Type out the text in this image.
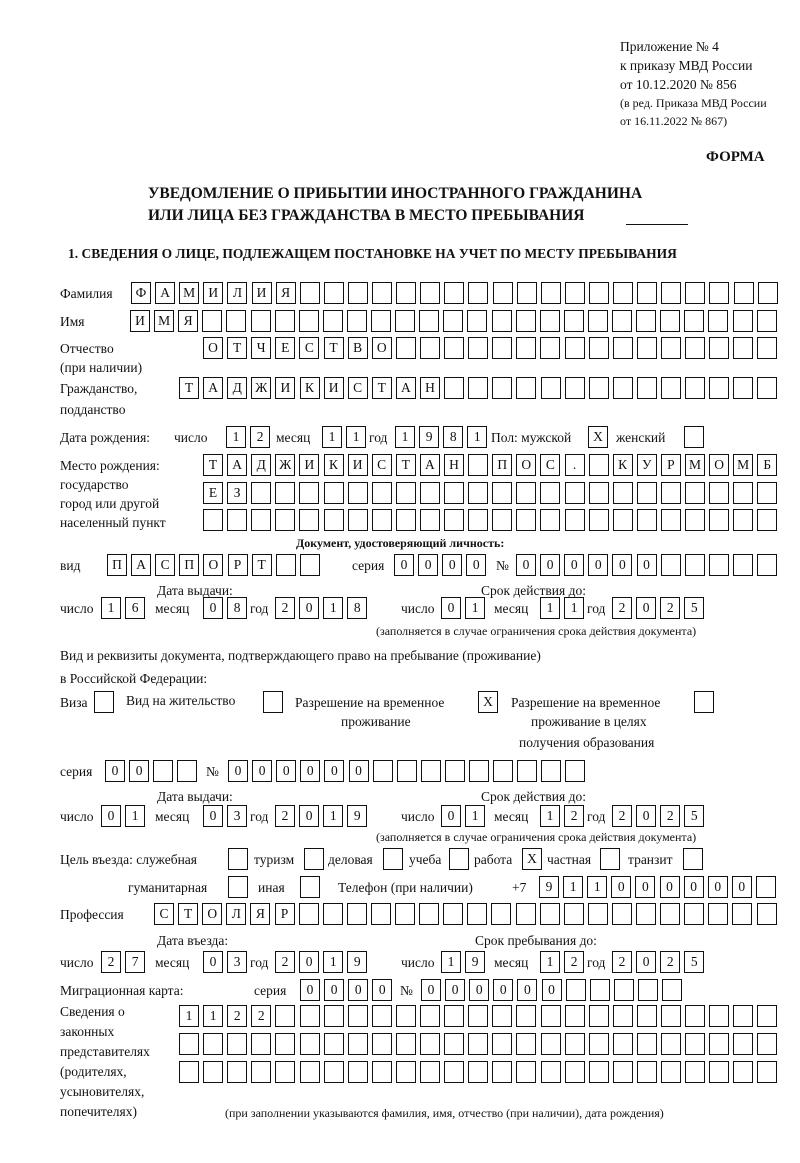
Приложение № 4
к приказу МВД России
от 10.12.2020 № 856
(в ред. Приказа МВД России
от 16.11.2022 № 867)
ФОРМА
УВЕДОМЛЕНИЕ О ПРИБЫТИИ ИНОСТРАННОГО ГРАЖДАНИНА
ИЛИ ЛИЦА БЕЗ ГРАЖДАНСТВА В МЕСТО ПРЕБЫВАНИЯ
1. СВЕДЕНИЯ О ЛИЦЕ, ПОДЛЕЖАЩЕМ ПОСТАНОВКЕ НА УЧЕТ ПО МЕСТУ ПРЕБЫВАНИЯ
Фамилия	Ф	А М И	Л	И	Я
Имя	И М	Я
Отчество
(при наличии)
О	Т	Ч	Е	С	Т	В	О
Гражданство,
подданство
Т	А	Д Ж И	К	И	С	Т	А	Н
Дата рождения: число	1	2 месяц	1	1 год	1	9	8	1 Пол: мужской	X женский
Место рождения:
государство
город или другой
населенный пункт
Т	А	Д Ж И	К	И	С	Т	А	Н	П	О	С	.	К	У	Р	М О М	Б
Е	З
Документ, удостоверяющий личность:
вид	П	А	С	П	О	Р	Т	серия	0	0	0	0	№	0	0	0	0	0	0
Дата выдачи:	Срок действия до:
число	1	6	месяц	0	8 год 2	0	1	8	число 0	1	месяц	1	1 год 2	0	2	5
(заполняется в случае ограничения срока действия документа)
Вид и реквизиты документа, подтверждающего право на пребывание (проживание)
в Российской Федерации:
Виза	Вид на жительство	Разрешение на временное
проживание
X	Разрешение на временное
проживание в целях
получения образования
серия	0	0	№	0	0	0	0	0	0
Дата выдачи:	Срок действия до:
число	0	1	месяц	0	3 год 2	0	1	9	число 0	1	месяц	1	2 год 2	0	2	5
(заполняется в случае ограничения срока действия документа)
Цель въезда: служебная	туризм	деловая	учеба работа	X частная	транзит
гуманитарная	иная	Телефон (при наличии)	+7	9	1	1	0	0	0	0	0	0
Профессия	С	Т	О	Л	Я	Р
Дата въезда:	Срок пребывания до:
число	2	7	месяц	0	3 год 2	0	1	9	число 1	9	месяц	1	2 год 2	0	2	5
Миграционная карта:	серия	0	0	0	0	№	0	0	0	0	0	0
Сведения о
законных
представителях
(родителях,
усыновителях,
попечителях)
1	1	2	2
(при заполнении указываются фамилия, имя, отчество (при наличии), дата рождения)
